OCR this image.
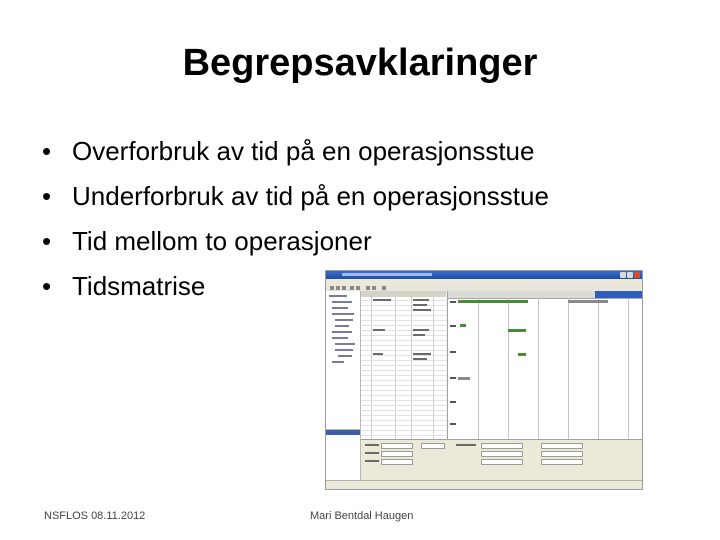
Begrepsavklaringer
• Overforbruk av tid på en operasjonsstue
• Underforbruk av tid på en operasjonsstue
• Tid mellom to operasjoner
• Tidsmatrise
NSFLOS 08.11.2012	Mari Bentdal Haugen
